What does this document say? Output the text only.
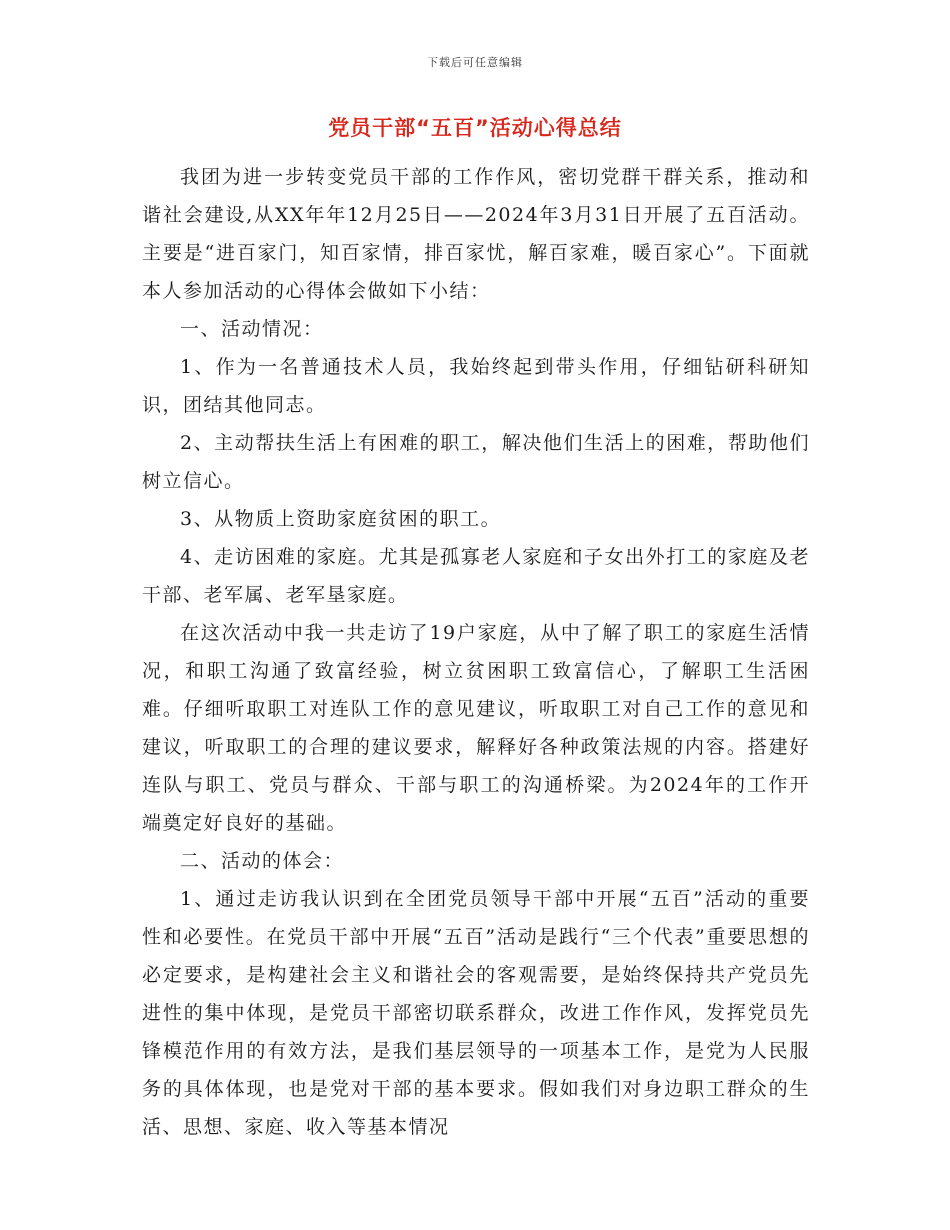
下载后可任意编辑
党员干部“五百”活动心得总结

我团为进一步转变党员干部的工作作风，密切党群干群关系，推动和谐社会建设,从XX年年12月25日——2024年3月31日开展了五百活动。主要是“进百家门，知百家情，排百家忧，解百家难，暖百家心”。下面就本人参加活动的心得体会做如下小结：

一、活动情况：

1、作为一名普通技术人员，我始终起到带头作用，仔细钻研科研知识，团结其他同志。

2、主动帮扶生活上有困难的职工，解决他们生活上的困难，帮助他们树立信心。

3、从物质上资助家庭贫困的职工。

4、走访困难的家庭。尤其是孤寡老人家庭和子女出外打工的家庭及老干部、老军属、老军垦家庭。

在这次活动中我一共走访了19户家庭，从中了解了职工的家庭生活情况，和职工沟通了致富经验，树立贫困职工致富信心，了解职工生活困难。仔细听取职工对连队工作的意见建议，听取职工对自己工作的意见和建议，听取职工的合理的建议要求，解释好各种政策法规的内容。搭建好连队与职工、党员与群众、干部与职工的沟通桥梁。为2024年的工作开端奠定好良好的基础。

二、活动的体会：

1、通过走访我认识到在全团党员领导干部中开展“五百”活动的重要性和必要性。在党员干部中开展“五百”活动是践行“三个代表”重要思想的必定要求，是构建社会主义和谐社会的客观需要，是始终保持共产党员先进性的集中体现，是党员干部密切联系群众，改进工作作风，发挥党员先锋模范作用的有效方法，是我们基层领导的一项基本工作，是党为人民服务的具体体现，也是党对干部的基本要求。假如我们对身边职工群众的生活、思想、家庭、收入等基本情况
